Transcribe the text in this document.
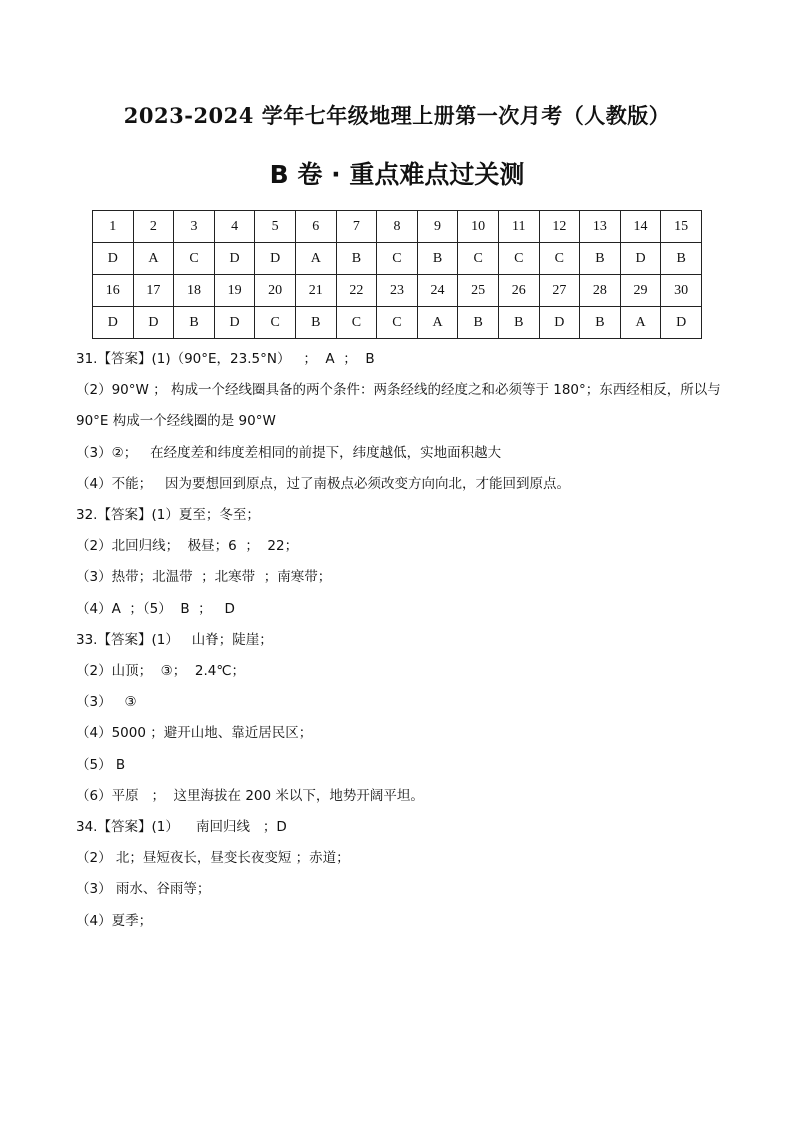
2023-2024 学年七年级地理上册第一次月考（人教版）
B 卷 · 重点难点过关测
1	2	3	4	5	6	7	8	9	10	11	12	13	14	15
D	A	C	D	D	A	B	C	B	C	C	C	B	D	B
16	17	18	19	20	21	22	23	24	25	26	27	28	29	30
D	D	B	D	C	B	C	C	A	B	B	D	B	A	D
31.【答案】(1)（90°E，23.5°N）   ；  A  ；  B
（2）90°W ； 构成一个经线圈具备的两个条件：两条经线的经度之和必须等于 180°；东西经相反，所以与 90°E 构成一个经线圈的是 90°W
（3）②；   在经度差和纬度差相同的前提下，纬度越低，实地面积越大
（4）不能；   因为要想回到原点，过了南极点必须改变方向向北，才能回到原点。
32.【答案】(1）夏至；冬至；
（2）北回归线；  极昼；6  ；  22；
（3）热带；北温带  ；北寒带  ；南寒带；
（4）A  ；（5）  B  ；   D
33.【答案】(1）   山脊；陡崖；
（2）山顶；  ③；  2.4℃；
（3）   ③
（4）5000 ；避开山地、靠近居民区；
（5） B
（6）平原   ；  这里海拔在 200 米以下，地势开阔平坦。
34.【答案】(1）    南回归线   ；D
（2） 北；昼短夜长，昼变长夜变短 ；赤道；
（3） 雨水、谷雨等；
（4）夏季；
